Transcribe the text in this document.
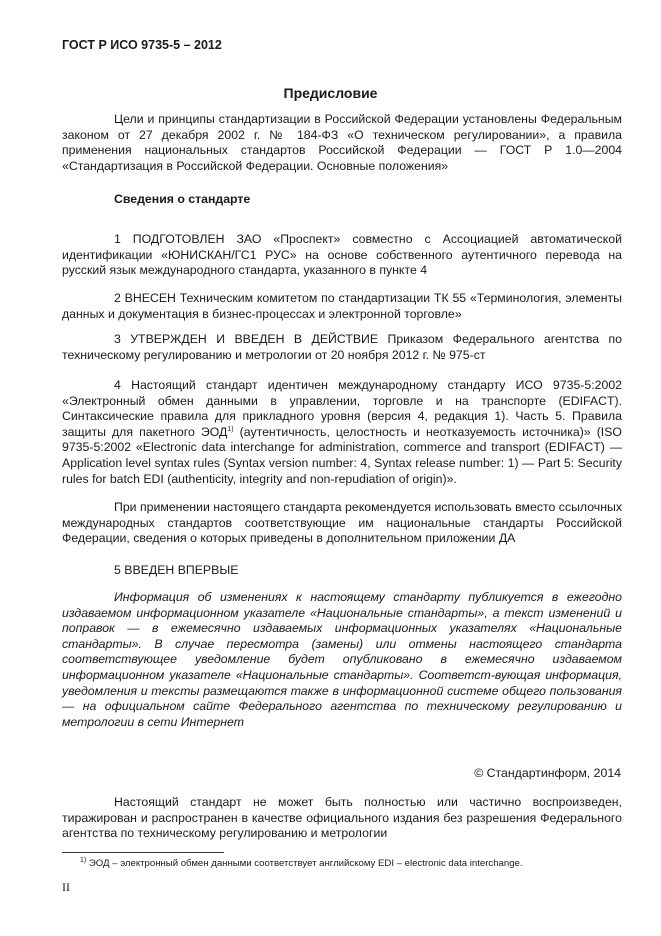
ГОСТ Р ИСО 9735-5 – 2012
Предисловие
Цели и принципы стандартизации в Российской Федерации установлены Федеральным законом от 27 декабря 2002 г. № 184-ФЗ «О техническом регулировании», а правила применения национальных стандартов Российской Федерации — ГОСТ Р 1.0—2004 «Стандартизация в Российской Федерации. Основные положения»
Сведения о стандарте
1 ПОДГОТОВЛЕН ЗАО «Проспект» совместно с Ассоциацией автоматической идентификации «ЮНИСКАН/ГС1 РУС» на основе собственного аутентичного перевода на русский язык международного стандарта, указанного в пункте 4
2 ВНЕСЕН Техническим комитетом по стандартизации ТК 55 «Терминология, элементы данных и документация в бизнес-процессах и электронной торговле»
3 УТВЕРЖДЕН И ВВЕДЕН В ДЕЙСТВИЕ Приказом Федерального агентства по техническому регулированию и метрологии от 20 ноября 2012 г. № 975-ст
4 Настоящий стандарт идентичен международному стандарту ИСО 9735-5:2002 «Электронный обмен данными в управлении, торговле и на транспорте (EDIFACT). Синтаксические правила для прикладного уровня (версия 4, редакция 1). Часть 5. Правила защиты для пакетного ЭОД$^{1)}$ (аутентичность, целостность и неотказуемость источника)» (ISO 9735-5:2002 «Electronic data interchange for administration, commerce and transport (EDIFACT) — Application level syntax rules (Syntax version number: 4, Syntax release number: 1) — Part 5: Security rules for batch EDI (authenticity, integrity and non-repudiation of origin)».
При применении настоящего стандарта рекомендуется использовать вместо ссылочных международных стандартов соответствующие им национальные стандарты Российской Федерации, сведения о которых приведены в дополнительном приложении ДА
5 ВВЕДЕН ВПЕРВЫЕ
Информация об изменениях к настоящему стандарту публикуется в ежегодно издаваемом информационном указателе «Национальные стандарты», а текст изменений и поправок — в ежемесячно издаваемых информационных указателях «Национальные стандарты». В случае пересмотра (замены) или отмены настоящего стандарта соответствующее уведомление будет опубликовано в ежемесячно издаваемом информационном указателе «Национальные стандарты». Соответст-вующая информация, уведомления и тексты размещаются также в информационной системе общего пользования — на официальном сайте Федерального агентства по техническому регулированию и метрологии в сети Интернет
© Стандартинформ, 2014
Настоящий стандарт не может быть полностью или частично воспроизведен, тиражирован и распространен в качестве официального издания без разрешения Федерального агентства по техническому регулированию и метрологии
$^{1)}$ ЭОД – электронный обмен данными соответствует английскому EDI – electronic data interchange.
II
